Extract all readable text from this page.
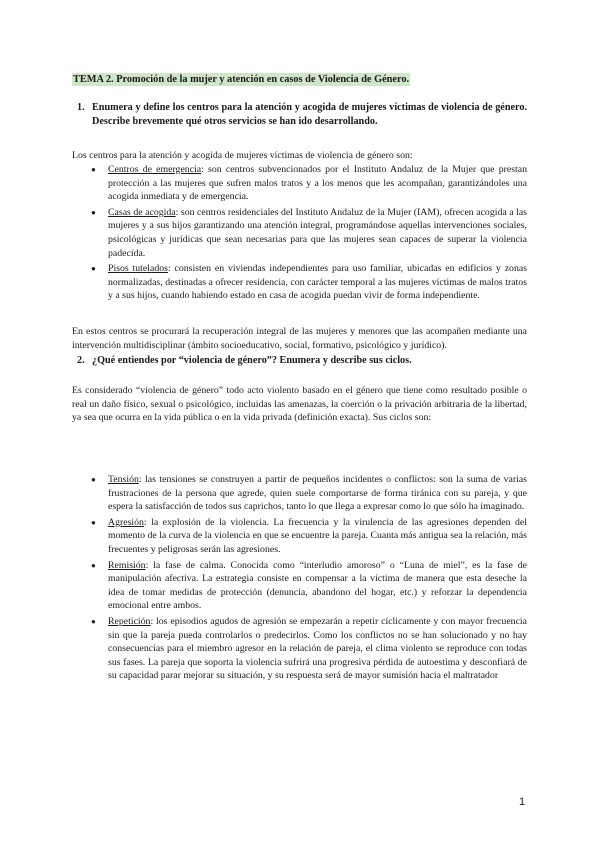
TEMA 2. Promoción de la mujer y atención en casos de Violencia de Género.
1. Enumera y define los centros para la atención y acogida de mujeres víctimas de violencia de género. Describe brevemente qué otros servicios se han ido desarrollando.
Los centros para la atención y acogida de mujeres víctimas de violencia de género son:
● Centros de emergencia: son centros subvencionados por el Instituto Andaluz de la Mujer que prestan protección a las mujeres que sufren malos tratos y a los menos que les acompañan, garantizándoles una acogida inmediata y de emergencia.
● Casas de acogida: son centros residenciales del Instituto Andaluz de la Mujer (IAM), ofrecen acogida a las mujeres y a sus hijos garantizando una atención integral, programándose aquellas intervenciones sociales, psicológicas y jurídicas que sean necesarias para que las mujeres sean capaces de superar la violencia padecida.
● Pisos tutelados: consisten en viviendas independientes para uso familiar, ubicadas en edificios y zonas normalizadas, destinadas a ofrecer residencia, con carácter temporal a las mujeres víctimas de malos tratos y a sus hijos, cuando habiendo estado en casa de acogida puedan vivir de forma independiente.
En estos centros se procurará la recuperación integral de las mujeres y menores que las acompañen mediante una intervención multidisciplinar (ámbito socioeducativo, social, formativo, psicológico y jurídico).
2. ¿Qué entiendes por “violencia de género”? Enumera y describe sus ciclos.
Es considerado “violencia de género” todo acto violento basado en el género que tiene como resultado posible o real un daño físico, sexual o psicológico, incluidas las amenazas, la coerción o la privación arbitraria de la libertad, ya sea que ocurra en la vida pública o en la vida privada (definición exacta). Sus ciclos son:
● Tensión: las tensiones se construyen a partir de pequeños incidentes o conflictos: son la suma de varias frustraciones de la persona que agrede, quien suele comportarse de forma tiránica con su pareja, y que espera la satisfacción de todos sus caprichos, tanto lo que llega a expresar como lo que sólo ha imaginado.
● Agresión: la explosión de la violencia. La frecuencia y la virulencia de las agresiones dependen del momento de la curva de la violencia en que se encuentre la pareja. Cuanta más antigua sea la relación, más frecuentes y peligrosas serán las agresiones.
● Remisión: la fase de calma. Conocida como “interludio amoroso” o “Luna de miel”, es la fase de manipulación afectiva. La estrategia consiste en compensar a la víctima de manera que esta deseche la idea de tomar medidas de protección (denuncia, abandono del hogar, etc.) y reforzar la dependencia emocional entre ambos.
● Repetición: los episodios agudos de agresión se empezarán a repetir cíclicamente y con mayor frecuencia sin que la pareja pueda controlarlos o predecirlos. Como los conflictos no se han solucionado y no hay consecuencias para el miembro agresor en la relación de pareja, el clima violento se reproduce con todas sus fases. La pareja que soporta la violencia sufrirá una progresiva pérdida de autoestima y desconfiará de su capacidad parar mejorar su situación, y su respuesta será de mayor sumisión hacia el maltratador
1
